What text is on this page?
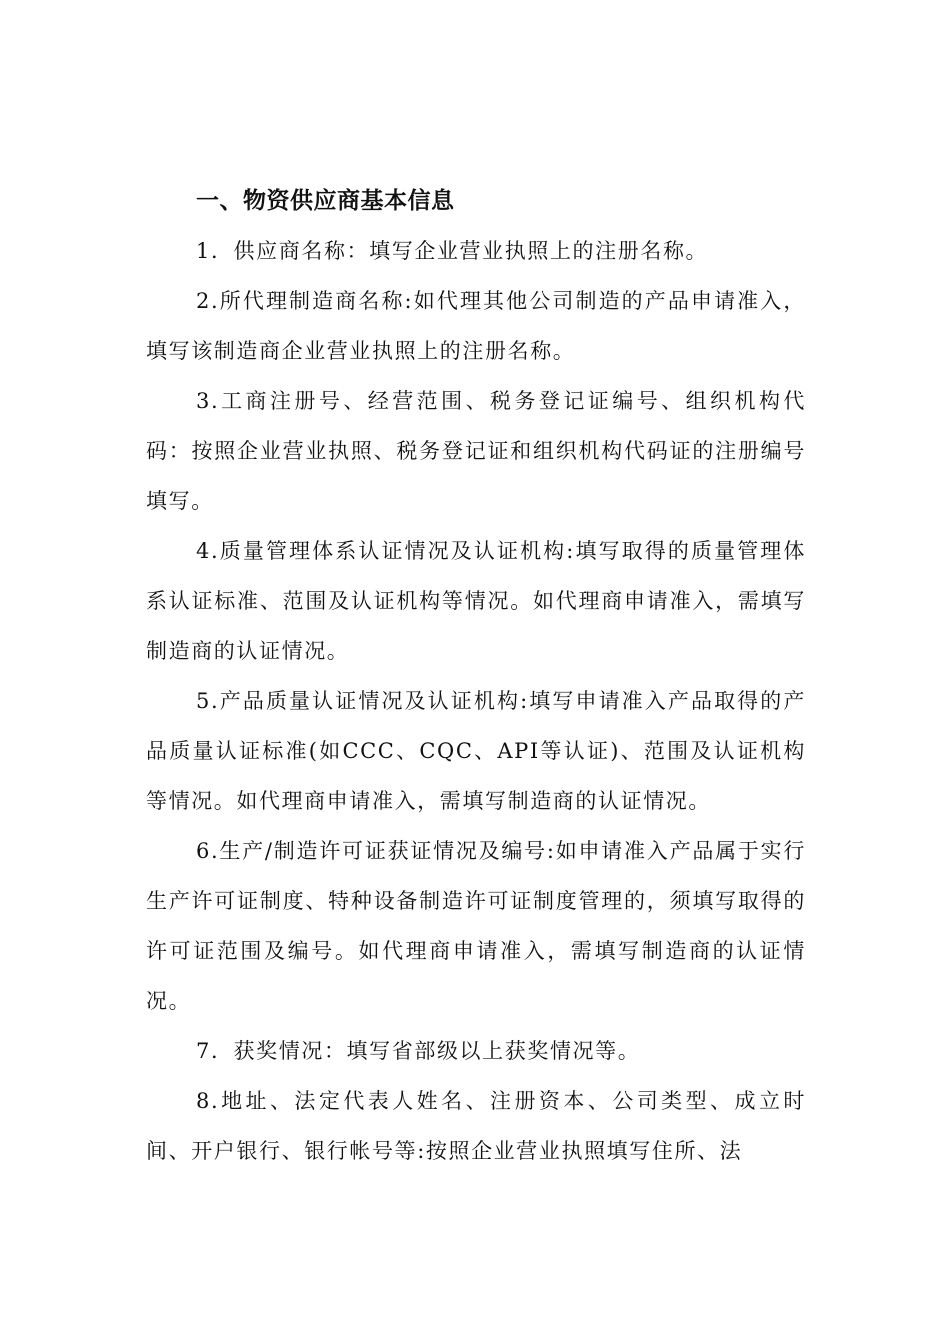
一、物资供应商基本信息

1．供应商名称：填写企业营业执照上的注册名称。

2.所代理制造商名称:如代理其他公司制造的产品申请准入，填写该制造商企业营业执照上的注册名称。

3.工商注册号、经营范围、税务登记证编号、组织机构代码：按照企业营业执照、税务登记证和组织机构代码证的注册编号填写。

4.质量管理体系认证情况及认证机构:填写取得的质量管理体系认证标准、范围及认证机构等情况。如代理商申请准入，需填写制造商的认证情况。

5.产品质量认证情况及认证机构:填写申请准入产品取得的产品质量认证标准(如CCC、CQC、API等认证)、范围及认证机构等情况。如代理商申请准入，需填写制造商的认证情况。

6.生产/制造许可证获证情况及编号:如申请准入产品属于实行生产许可证制度、特种设备制造许可证制度管理的，须填写取得的许可证范围及编号。如代理商申请准入，需填写制造商的认证情况。

7．获奖情况：填写省部级以上获奖情况等。

8.地址、法定代表人姓名、注册资本、公司类型、成立时间、开户银行、银行帐号等:按照企业营业执照填写住所、法
